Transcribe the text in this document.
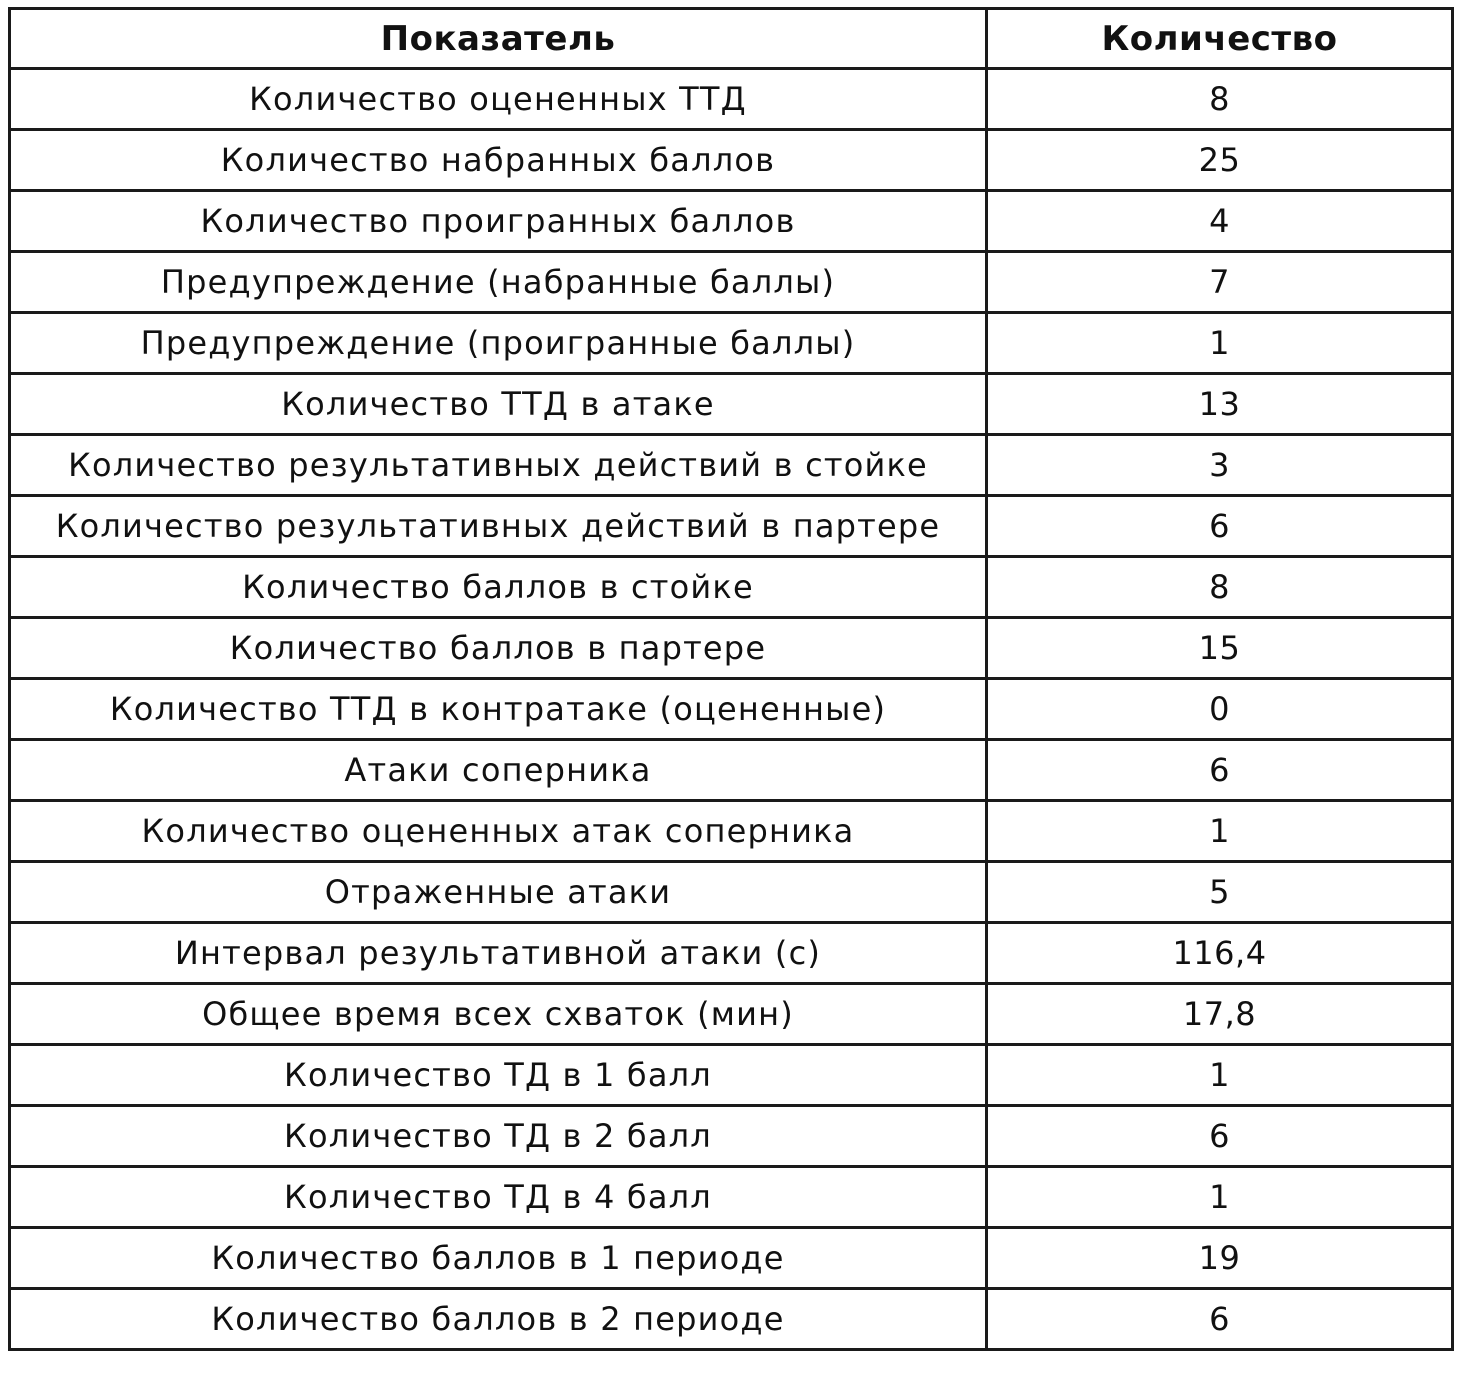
Показатель	Количество
Количество оцененных ТТД	8
Количество набранных баллов	25
Количество проигранных баллов	4
Предупреждение (набранные баллы)	7
Предупреждение (проигранные баллы)	1
Количество ТТД в атаке	13
Количество результативных действий в стойке	3
Количество результативных действий в партере	6
Количество баллов в стойке	8
Количество баллов в партере	15
Количество ТТД в контратаке (оцененные)	0
Атаки соперника	6
Количество оцененных атак соперника	1
Отраженные атаки	5
Интервал результативной атаки (с)	116,4
Общее время всех схваток (мин)	17,8
Количество ТД в 1 балл	1
Количество ТД в 2 балл	6
Количество ТД в 4 балл	1
Количество баллов в 1 периоде	19
Количество баллов в 2 периоде	6
